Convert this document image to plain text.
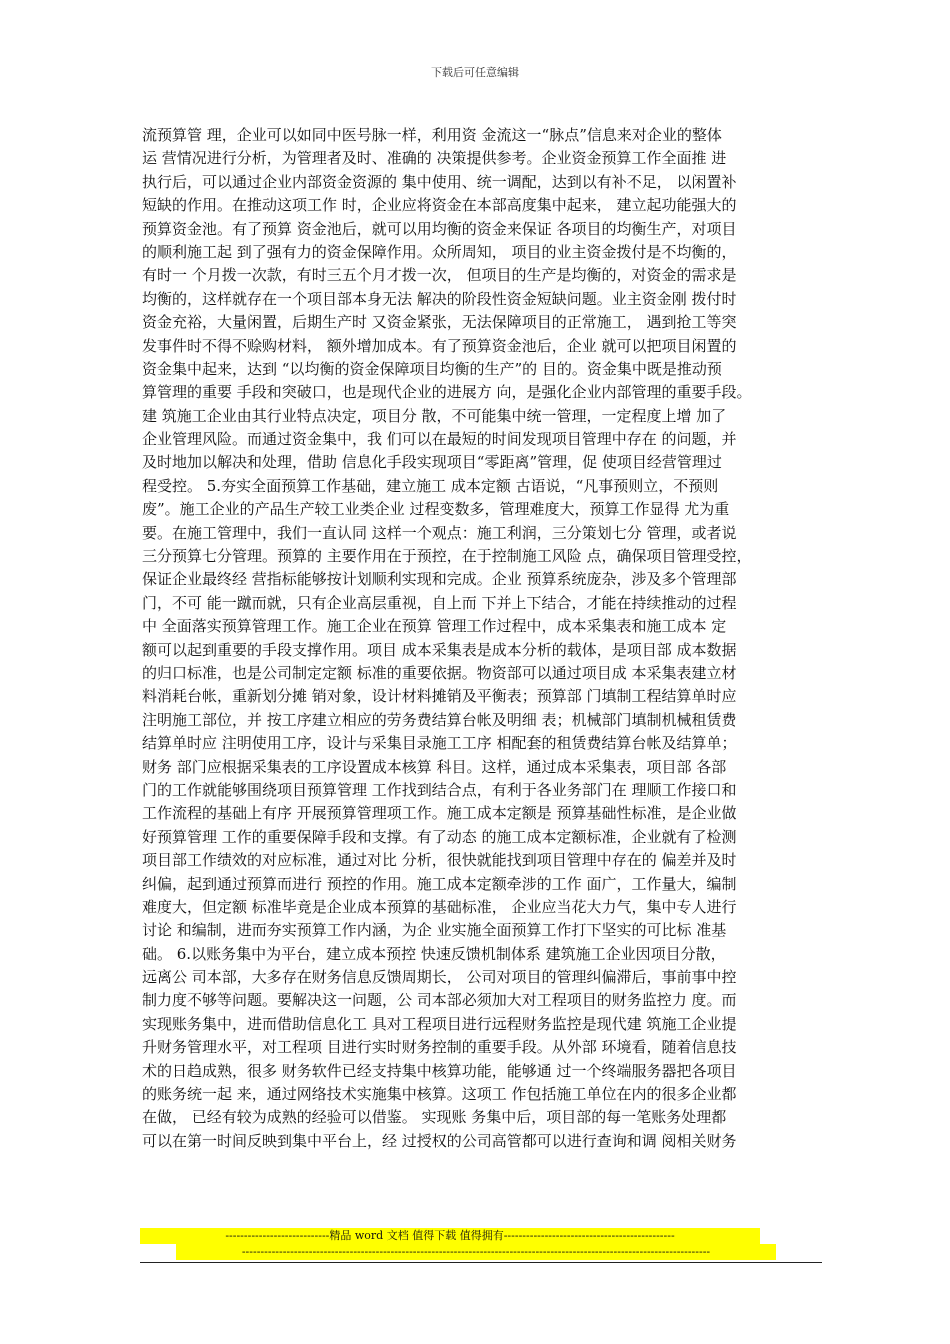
下载后可任意编辑
流预算管 理，企业可以如同中医号脉一样，利用资 金流这一“脉点”信息来对企业的整体
运 营情况进行分析，为管理者及时、准确的 决策提供参考。企业资金预算工作全面推 进
执行后，可以通过企业内部资金资源的 集中使用、统一调配，达到以有补不足， 以闲置补
短缺的作用。在推动这项工作 时，企业应将资金在本部高度集中起来， 建立起功能强大的
预算资金池。有了预算 资金池后，就可以用均衡的资金来保证 各项目的均衡生产，对项目
的顺利施工起 到了强有力的资金保障作用。众所周知， 项目的业主资金拨付是不均衡的，
有时一 个月拨一次款，有时三五个月才拨一次， 但项目的生产是均衡的，对资金的需求是
均衡的，这样就存在一个项目部本身无法 解决的阶段性资金短缺问题。业主资金刚 拨付时
资金充裕，大量闲置，后期生产时 又资金紧张，无法保障项目的正常施工， 遇到抢工等突
发事件时不得不赊购材料， 额外增加成本。有了预算资金池后，企业 就可以把项目闲置的
资金集中起来，达到 “以均衡的资金保障项目均衡的生产”的 目的。资金集中既是推动预
算管理的重要 手段和突破口，也是现代企业的进展方 向，是强化企业内部管理的重要手段。
建 筑施工企业由其行业特点决定，项目分 散，不可能集中统一管理，一定程度上增 加了
企业管理风险。而通过资金集中，我 们可以在最短的时间发现项目管理中存在 的问题，并
及时地加以解决和处理，借助 信息化手段实现项目“零距离”管理，促 使项目经营管理过
程受控。 5.夯实全面预算工作基础，建立施工 成本定额 古语说，“凡事预则立，不预则
废”。施工企业的产品生产较工业类企业 过程变数多，管理难度大，预算工作显得 尤为重
要。在施工管理中，我们一直认同 这样一个观点：施工利润，三分策划七分 管理，或者说
三分预算七分管理。预算的 主要作用在于预控，在于控制施工风险 点，确保项目管理受控，
保证企业最终经 营指标能够按计划顺利实现和完成。企业 预算系统庞杂，涉及多个管理部
门，不可 能一蹴而就，只有企业高层重视，自上而 下并上下结合，才能在持续推动的过程
中 全面落实预算管理工作。施工企业在预算 管理工作过程中，成本采集表和施工成本 定
额可以起到重要的手段支撑作用。项目 成本采集表是成本分析的载体，是项目部 成本数据
的归口标准，也是公司制定定额 标准的重要依据。物资部可以通过项目成 本采集表建立材
料消耗台帐，重新划分摊 销对象，设计材料摊销及平衡表；预算部 门填制工程结算单时应
注明施工部位，并 按工序建立相应的劳务费结算台帐及明细 表；机械部门填制机械租赁费
结算单时应 注明使用工序，设计与采集目录施工工序 相配套的租赁费结算台帐及结算单；
财务 部门应根据采集表的工序设置成本核算 科目。这样，通过成本采集表，项目部 各部
门的工作就能够围绕项目预算管理 工作找到结合点，有利于各业务部门在 理顺工作接口和
工作流程的基础上有序 开展预算管理项工作。施工成本定额是 预算基础性标准，是企业做
好预算管理 工作的重要保障手段和支撑。有了动态 的施工成本定额标准，企业就有了检测
项目部工作绩效的对应标准，通过对比 分析，很快就能找到项目管理中存在的 偏差并及时
纠偏，起到通过预算而进行 预控的作用。施工成本定额牵涉的工作 面广，工作量大，编制
难度大，但定额 标准毕竟是企业成本预算的基础标准， 企业应当花大力气，集中专人进行
讨论 和编制，进而夯实预算工作内涵，为企 业实施全面预算工作打下坚实的可比标 准基
础。 6.以账务集中为平台，建立成本预控 快速反馈机制体系 建筑施工企业因项目分散，
远离公 司本部，大多存在财务信息反馈周期长， 公司对项目的管理纠偏滞后，事前事中控
制力度不够等问题。要解决这一问题，公 司本部必须加大对工程项目的财务监控力 度。而
实现账务集中，进而借助信息化工 具对工程项目进行远程财务监控是现代建 筑施工企业提
升财务管理水平，对工程项 目进行实时财务控制的重要手段。从外部 环境看，随着信息技
术的日趋成熟，很多 财务软件已经支持集中核算功能，能够通 过一个终端服务器把各项目
的账务统一起 来，通过网络技术实施集中核算。这项工 作包括施工单位在内的很多企业都
在做， 已经有较为成熟的经验可以借鉴。 实现账 务集中后，项目部的每一笔账务处理都
可以在第一时间反映到集中平台上，经 过授权的公司高管都可以进行查询和调 阅相关财务
----------------------------精品 word 文档 值得下载 值得拥有----------------------------------------------
------------------------------------------------------------------------------------------------------------------------------
